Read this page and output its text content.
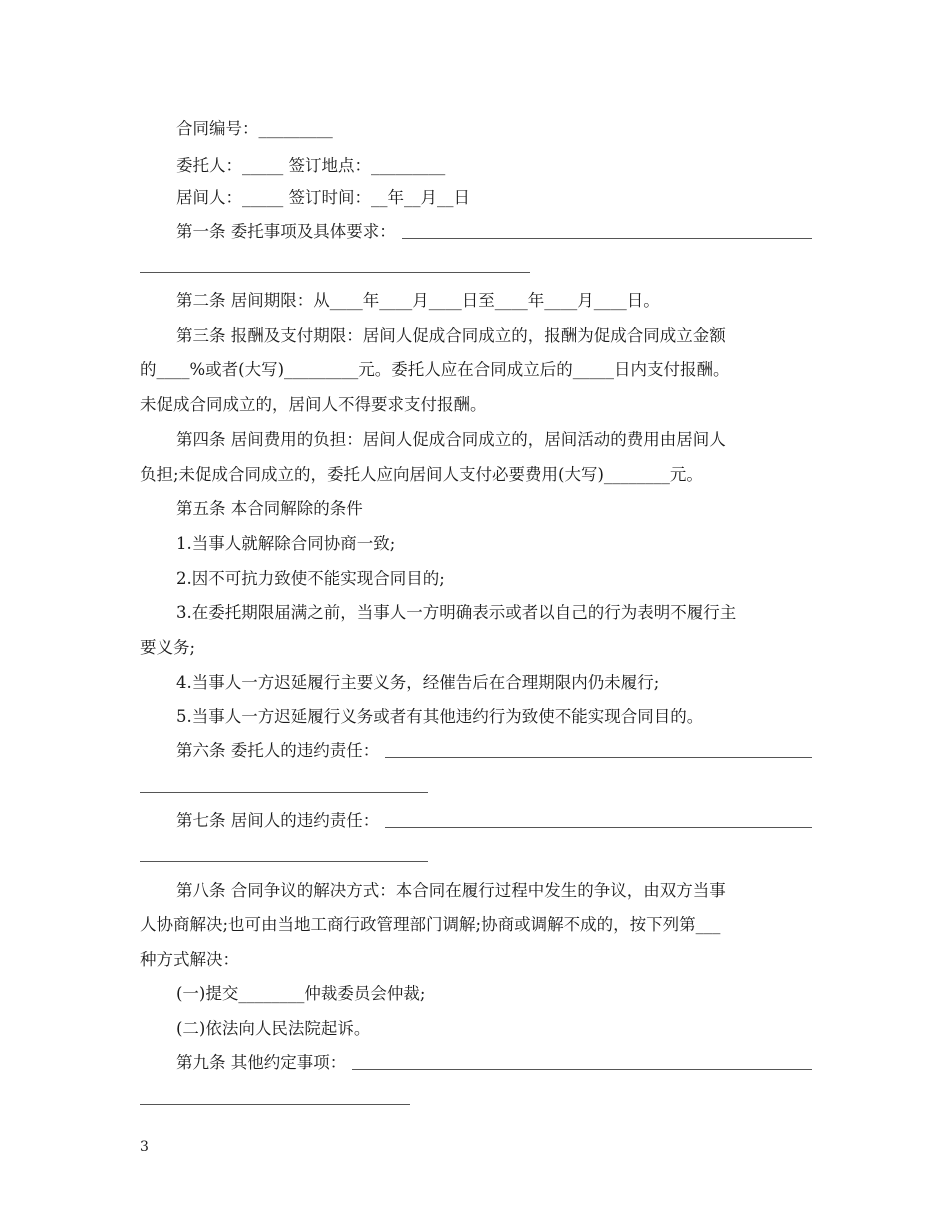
合同编号：_________
委托人：_____ 签订地点：_________
居间人：_____ 签订时间：__年__月__日
第一条 委托事项及具体要求：
第二条 居间期限：从____年____月____日至____年____月____日。
第三条 报酬及支付期限：居间人促成合同成立的，报酬为促成合同成立金额
的____%或者(大写)_________元。委托人应在合同成立后的_____日内支付报酬。
未促成合同成立的，居间人不得要求支付报酬。
第四条 居间费用的负担：居间人促成合同成立的，居间活动的费用由居间人
负担;未促成合同成立的，委托人应向居间人支付必要费用(大写)________元。
第五条 本合同解除的条件
1.当事人就解除合同协商一致;
2.因不可抗力致使不能实现合同目的;
3.在委托期限届满之前，当事人一方明确表示或者以自己的行为表明不履行主
要义务;
4.当事人一方迟延履行主要义务，经催告后在合理期限内仍未履行;
5.当事人一方迟延履行义务或者有其他违约行为致使不能实现合同目的。
第六条 委托人的违约责任：
第七条 居间人的违约责任：
第八条 合同争议的解决方式：本合同在履行过程中发生的争议，由双方当事
人协商解决;也可由当地工商行政管理部门调解;协商或调解不成的，按下列第___
种方式解决：
(一)提交________仲裁委员会仲裁;
(二)依法向人民法院起诉。
第九条 其他约定事项：
3
